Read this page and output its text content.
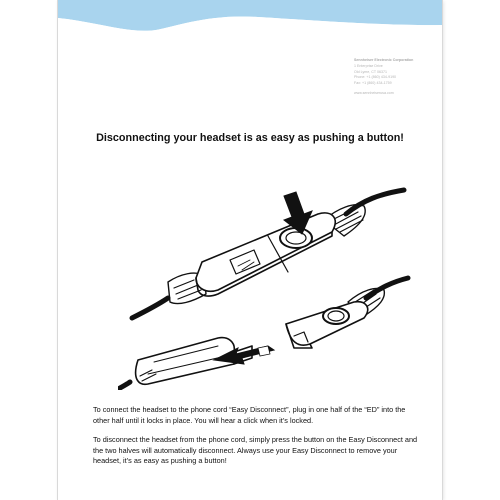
Sennheiser Electronic Corporation
1 Enterprise Drive
Old Lyme, CT 06371
Phone: +1 (860) 434-9190
Fax: +1 (860) 434-1759
www.sennheiserusa.com
Disconnecting your headset is as easy as pushing a button!

To connect the headset to the phone cord “Easy Disconnect”, plug in one half of the “ED” into the other half until it locks in place. You will hear a click when it’s locked.

To disconnect the headset from the phone cord, simply press the button on the Easy Disconnect and the two halves will automatically disconnect. Always use your Easy Disconnect to remove your headset, it’s as easy as pushing a button!
